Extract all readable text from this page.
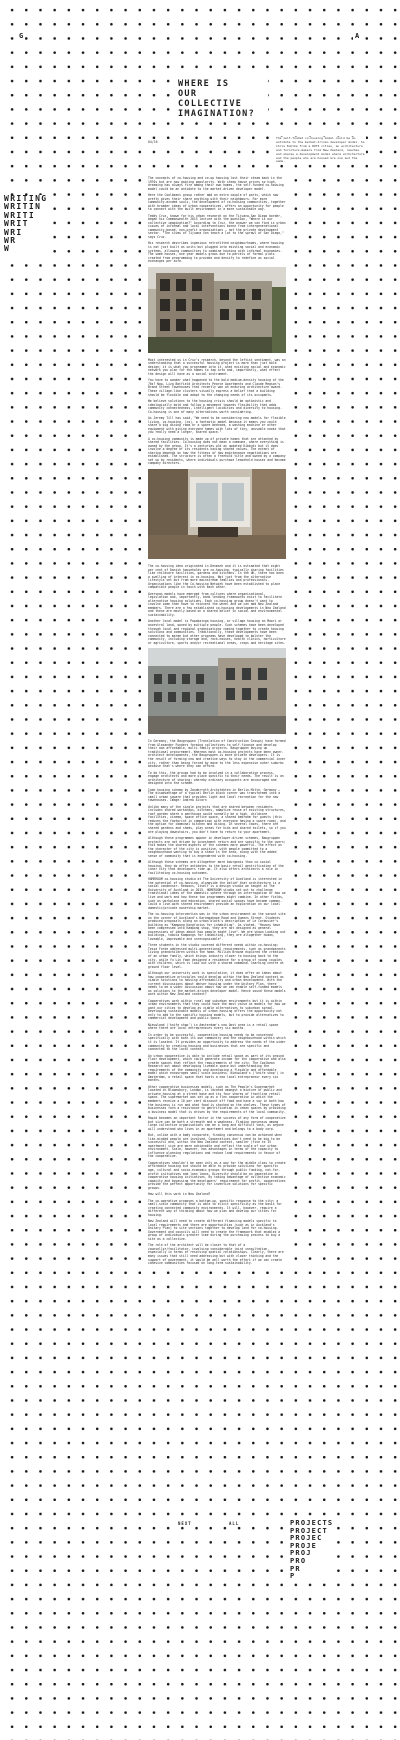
G	A
WRITING
WRITIN
WRITI
WRIT
WRI
WR
W
WHERE IS
OUR
COLLECTIVE
IMAGINATION?
04/16
The self-funded co-housing model could be an antidote to the market-driven developer model. So Chris Kuhlke from a ROTI cities, an architecture and furniture-makers from New Zealand, reaches and shares a development model where architecture and the people who are housed are one and the same.

The concepts of co-housing and co-op housing lost their steam back in the 1970s but are now gaining popularity. With steep house prices so high, dreaming has always fire among their own homes, the self-funded co-housing model could be an antidote to the market-driven developer model.

Here the Coolbeans group rather add an extra couple of parts, which now pretty gives their share anything with their neighbours. For more community-minded souls, the development of co-housing communities, together with broader ideas of urban cooperatives, offers an opportunity for people to connect with the built environment in a more sustainable way.

Teddy Cruz, known for his urban research on the Tijuana-San Diego border, began his Commonwealth 2015 lecture with the question, "Where is our collective imagination?" According to Cruz, the answer we can find is urban issues of informal and local interventions borne from intergenerational community-based, non-profit organizations – not the private development sector. "The slums of Tijuana can teach a lot to the sprawl of San Diego," says Cruz.

His research describes ingenious retrofitted neighbourhoods, where housing is not just built as units but plugged into existing social and economic systems, allowing communities to combine housing with informal economies. The same houses, one year models grows due to parcels of formal plots created from programming to provoke and densify to redefine as social exchanges per acre.

Most interested us in Cruz's research, beyond the leftist sentiment, was an understanding that a successful housing project is more than just bold design; it is what you programme into it, what existing social and economic network you plan for the homes to tap into and, importantly, what effect the design will have as a social instrument.

You have to wonder what happened to the bold medium-density housing of the 70s? Now, Liza Botfield Architects Pearce Apartments and Claude Megson's Brand Street Townhouses that recently won an enduring architecture award. These village-like clusters visually express a belief that a building should be flexible and adapt to the changing needs of its occupants.

We believe solutions to the housing crisis should be optimistic and ideologically bold and follow a movement towards flexibility that adds community connectedness, intelligent lucidities and diversity to housing. Co-housing is one of many alternatives worth considering.

As Jeremy Till has said, "We need to be considering new models for flexible living, co-housing, (co), a fantastic model because it means you could share a big dining room or a spare bedroom, a washing machine or other equipment with giving everyone homes with lots of tiny, unusable nooks that you really need a larger, shared space."

A co-housing community is made up of private homes that are attached by shared facilities. Co-housing does not mean a commune, where everything is owned by the group. It's a centuries old an updated Kibbutz but it does involve a degree of its residents having shared values. The extent of sharing depends on how the fitness of how maintenance negotiations are established. The structure is often a freehold title and owned by a company set up by residents, where individuals purchase leasehold houses and become company directors.

The co-housing idea originated in Denmark and it is estimated that eight per cent of Danish households are co-housing, typically sharing facilities like childcare facilities, gardens and kitchens. In the UK, there has been a swelling of interest in co-housing. Not just from the alternative lifestyle set but from more mainstream families and professionals. Organisations like the Co-housing Network have been established to place compatible people in touch with each other.

Overseas models have emerged from cultures where organisational, legislation and, importantly, bank lending frameworks exist to facilitate alternative housing solutions. Each co-housing group doesn't want to involve some then have to reinvent the wheel and we can add New Zealand members. There are a few established co-housing developments in New Zealand and these are mostly based on a shared belief in social and environmental sustainability.

Another local model is Papakainga housing, or village housing on Maori or ancestral land, owned by multiple people. Such schemes have been developed through local and regional organisations coming together to create housing solutions and communities. Traditionally, these developments have been connected to marae but other programs have developed to bolster the community, including storage and, rock-houses, health clinics, horticulture or agriculture, sports and/or recreational areas, crops and heritage sites.

In Germany, the Baugruppen (Translation of Construction Groups) have formed from Alexander Funders forming collectives to self-finance and develop their own affordable, multi-family projects. Baugruppen buying up traditional procurement. Whereas most co-housing projects have been owner-architect developments, the Baugruppen is more private developers. It is the result of forming new and creative ways to stay in the commercial inner city, rather than being forced by move to the less expensive outer suburbs because that's where they can afford.

To do this, the groups had to be involved in a collaborative process, engage architects and more place specific to their needs. The result is an architecture of sharing; whereby ordinary occupants are encouraged and designed into the scheme.

Inde housing scheme by Zanderroth Architekten in Berlin-Mitte, Germany – The disadvantage of a typical Berlin block corner was transformed into a small urban square that provides light and local recreation for the new townhouses. Image: Andrew Alcorn

Unlike many of the single projects that are shared between residents includes shared workshops, kitchens, adaptive reuse of existing structures, roof garden where a penthouse would normally be a high, childcare facilities, cinema, space office space, a shared bedroom for guests (this reduces the footprint in comparison with everyone having a spare room), and the option for communal kitchen and dining. In several cases, there are shared gardens and sheds, play areas for kids and shared toilets, so if you are playing downstairs, you don't have to return to your apartment.

Although these programmes appear in developer-driven schemes, Baugruppen projects are not driven by investment return and are specific to the users; this makes the shared aspects of the schemes more powerful. The effect on the character of the city is positive, with people committed to a neighbourhood wanting to buy a stake in the area, along with the added sense of community that is engendered with co-housing.

Although these schemes are altogether more bourgeois than co-social housing, they do offer antidotes to the basic retail gentrification of the inner city that developers ride up. It also offers architects a role in facilitating co-housing outcomes.

HOMEROOM co-housing studio at The University of Auckland is interested in the potential of co-housing, alongside the belief that architecture is a social condenser. Reasons, itself is a design studio we taught at The University of Auckland in 2015. HOMEROOM studio set out to challenge traditional ideas of the domestic sphere through an interrogation of how we live and work and how these two programmes might combine. In other fields, such as workplace and education, shared social spaces have become common. Could a live-work shared environment provide an exploration on our local domestic/private ownership market.

The co-housing intervention was in the urban environment on the vacant site on the corner of Auckland's Karangahape Road and Queens Street. Students produced proposals along an urban block's description of Le Corbusier's building as "Kampong Kongfucius for inhabiting". As stated, "Houses have been compressed into Kampong shop, they are not designed as general expressions of ideas about how people might live". We are shown Looking out buildings, tabula Kampongs for inhabiting, they are altogether human, loveable, improvable and unrecognizable".

Three students in the studio covered different needs within co-housing: Tessa Forde addressed multi-generational requirements, such as grandparents living grandchildren within the home. Million Browne explored the creation of an urban family, which brings industry closer to housing back to the city, while Yu Lin Yoon designed a residence for a group of young couples with children, which is laid out with a shared communal learning centre at ground floor level.

Although our university work is speculative, it does offer an ideas about how cooperative principles could develop within the New Zealand context as viable solutions to housing affordability and urban development. With the current discussions about denser housing under the Unitary Plan, there needs to be a wider discussion about how we can enable self-funded models as solutions to the market-driven developer model. Hence sound these models work within New Zealand context?

Cooperatives work within rural and suburban environments but it is within urban environments that they could have the most value as models for how we want our cities to develop as viable alternatives to suburban sprawl. Developing sustainable models of urban housing offers the opportunity not only to add to the specific housing models, but to provide alternatives to commercial development and public space.

Nieuwland ('knife shop') in Amsterdam's new Oost area is a retail space where there are local entrepreneurs every six months.

In order to be successful, cooperative housing needs to be concerned specifically with both its own community and the neighbourhood within which it is located. It provides an opportunity to address the needs of the wider community by creating housing and businesses that are specific and connected to the local context.

An urban cooperative is able to include retail space as part of its ground floor development, which could generate income for the cooperative and also create spaces that reflect the requirements of the city. The Coolbean Research out about developing liveable space but understanding the requirements of the community and developing a flexible and affordable model which encourages small scale business. Nieuwland's ('knife shop') in Amsterdam, a retail space that hosts a new local entrepreneur every six months.

Other cooperative businesses models, such as The People's Supermarket located in Bloomsbury, London, is located amongst a mixture of public and private housing at a street base and its four shares of frontline retail space. The supermarket was set up as a flex cooperative in which the members receive a 10 per cent discount off food and have a say in both how the business is run and what food is stocked on the shelves. These types of businesses form a resistance to gentrification in urban spaces by providing a business model that is driven by the requirements of the local community.

Rapid becomes an important factor in the success of any form of cooperative but size can be both a strength and a weakness. Finding consensus among large collective organisations can be a long and difficult task, as anyone will understand who lives in an apartment and belongs to a body corp.

But, unlike with a body corporate, finding consensus can be achieved when like-minded people are involved. Cooperatives don't need to be big to be successful and, within the New Zealand context, smaller (five to 15 apartment) size are more achievable and reflect the scale of our urban environment. Scale, however, has advantages in terms of the capacity to influence planning regulations and reduce land requirements in favour of the cooperative.

Cooperatives shouldn't be seen only as a way for the middle class to create affordable housing but should be able to provide solutions for specific age, cultural and socio-economic groups through public funding, not-for-profit initiatives and loan loans. Diversity should be an imperative in cooperative housing initiatives. By taking advantage of collective economic capacity and bypassing the developers' requirement for profit, cooperatives provide the perfect opportunity for inventive solutions for specific groups.

How will this work in New Zealand?

The co-operative proposes a bottom-up, specific response to the city; a small-scale community that is able to elicit specificity as the basis for creating connected community environments. It will, however, require a different way of thinking about how we plan and develop our cities for housing.

New Zealand will need to create different financing models specific to local requirements and there are opportunities (such as in Auckland's Unitary Plan) to site sections together to develop land for co-housing. Government and councils will need to create the framework that enables a group of individuals greater time during the purchasing process to buy a site as a collective.

The role of the architect will be closer to that of a counsellor/facilitator, involving considerable joint consultation, especially in terms of resolving spatial relationships. Clearly, there are many issues that still need addressing but with closer thinking and the support of government, it would be well worth the effort if we can create cohesive communities focused on long-term sustainability.

NEXT	ALL	PROJECTS
PROJECT
PROJEC
PROJE
PROJ
PRO
PR
P
